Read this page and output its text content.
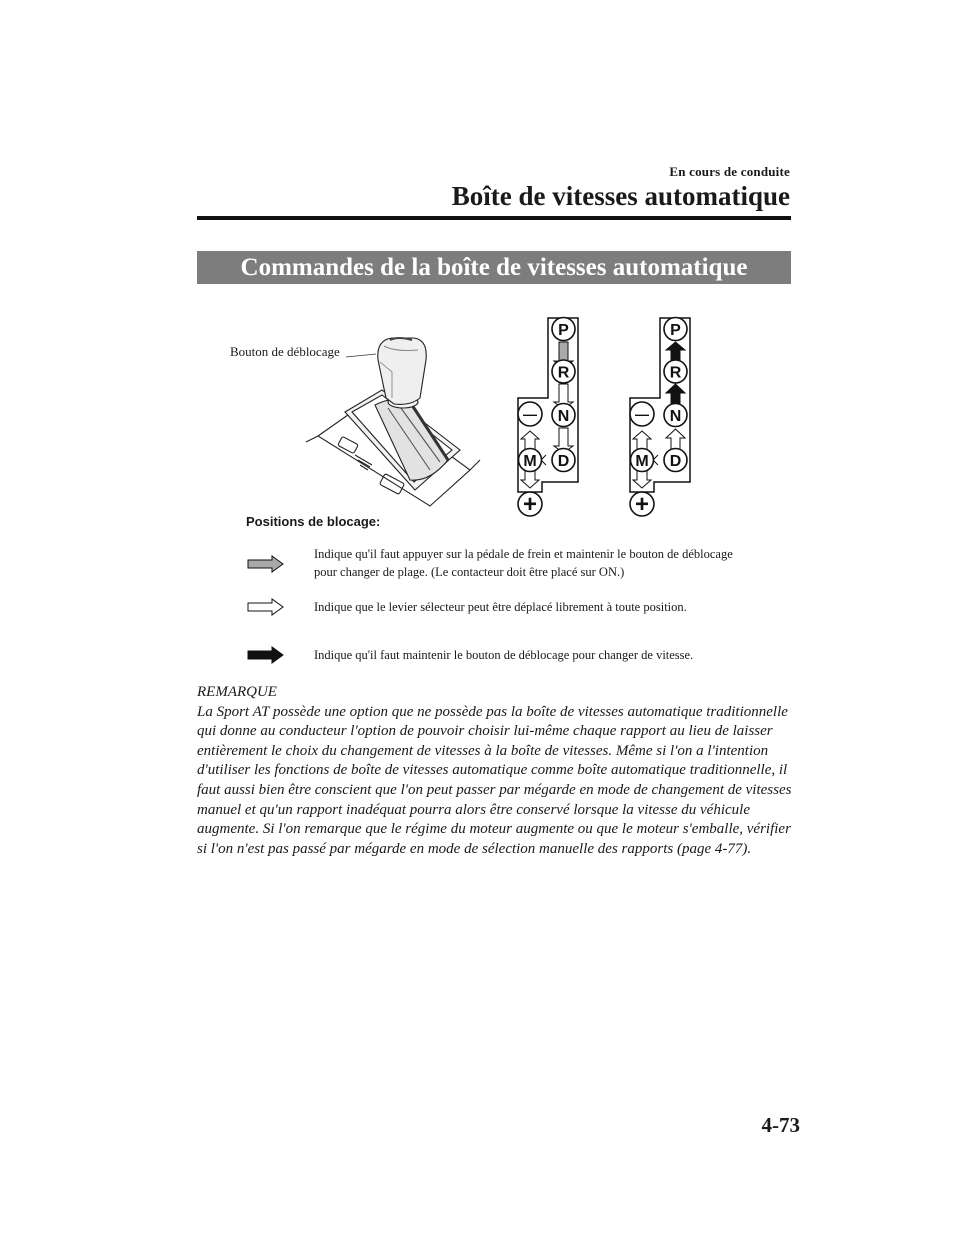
En cours de conduite
Boîte de vitesses automatique
Commandes de la boîte de vitesses automatique
P
R
N
D
M
—
+
P
R
N
D
M
—
+
Bouton de déblocage
Positions de blocage:
Indique qu'il faut appuyer sur la pédale de frein et maintenir le bouton de déblocage pour changer de plage. (Le contacteur doit être placé sur ON.)
Indique que le levier sélecteur peut être déplacé librement à toute position.
Indique qu'il faut maintenir le bouton de déblocage pour changer de vitesse.
REMARQUE
La Sport AT possède une option que ne possède pas la boîte de vitesses automatique traditionnelle qui donne au conducteur l'option de pouvoir choisir lui-même chaque rapport au lieu de laisser entièrement le choix du changement de vitesses à la boîte de vitesses. Même si l'on a l'intention d'utiliser les fonctions de boîte de vitesses automatique comme boîte automatique traditionnelle, il faut aussi bien être conscient que l'on peut passer par mégarde en mode de changement de vitesses manuel et qu'un rapport inadéquat pourra alors être conservé lorsque la vitesse du véhicule augmente. Si l'on remarque que le régime du moteur augmente ou que le moteur s'emballe, vérifier si l'on n'est pas passé par mégarde en mode de sélection manuelle des rapports (page 4-77).
4-73
